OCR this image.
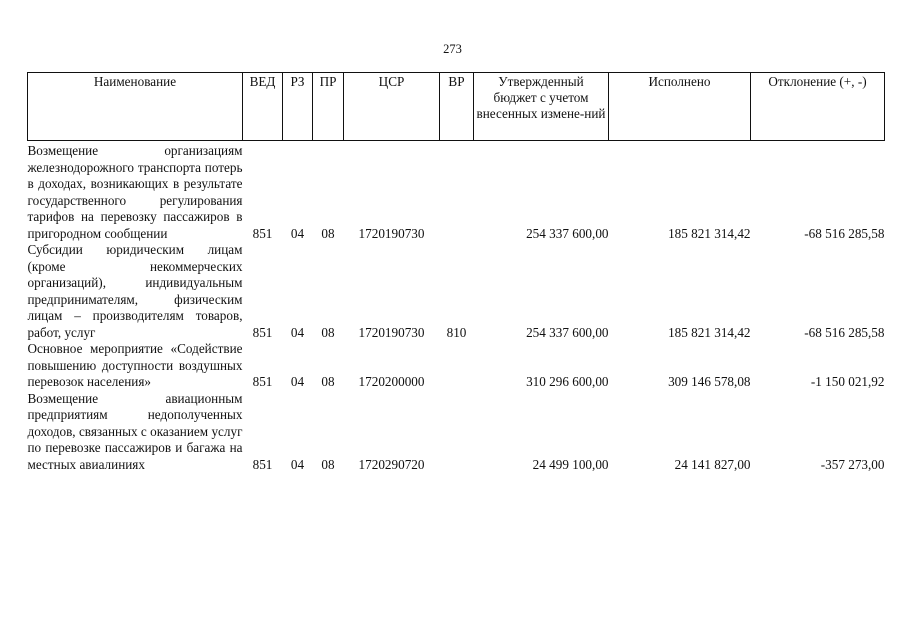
273
Наименование	ВЕД	РЗ	ПР	ЦСР	ВР	Утвержденный бюджет с учетом внесенных измене-ний	Исполнено	Отклонение (+, -)
Возмещение организациям железнодорожного транспорта потерь в доходах, возникающих в результате государственного регулирования тарифов на перевозку пассажиров в пригородном сообщении	851	04	08	1720190730		254 337 600,00	185 821 314,42	-68 516 285,58
Субсидии юридическим лицам (кроме некоммерческих организаций), индивидуальным предпринимателям, физическим лицам – производителям товаров, работ, услуг	851	04	08	1720190730	810	254 337 600,00	185 821 314,42	-68 516 285,58
Основное мероприятие «Содействие повышению доступности воздушных перевозок населения»	851	04	08	1720200000		310 296 600,00	309 146 578,08	-1 150 021,92
Возмещение авиационным предприятиям недополученных доходов, связанных с оказанием услуг по перевозке пассажиров и багажа на местных авиалиниях	851	04	08	1720290720		24 499 100,00	24 141 827,00	-357 273,00
